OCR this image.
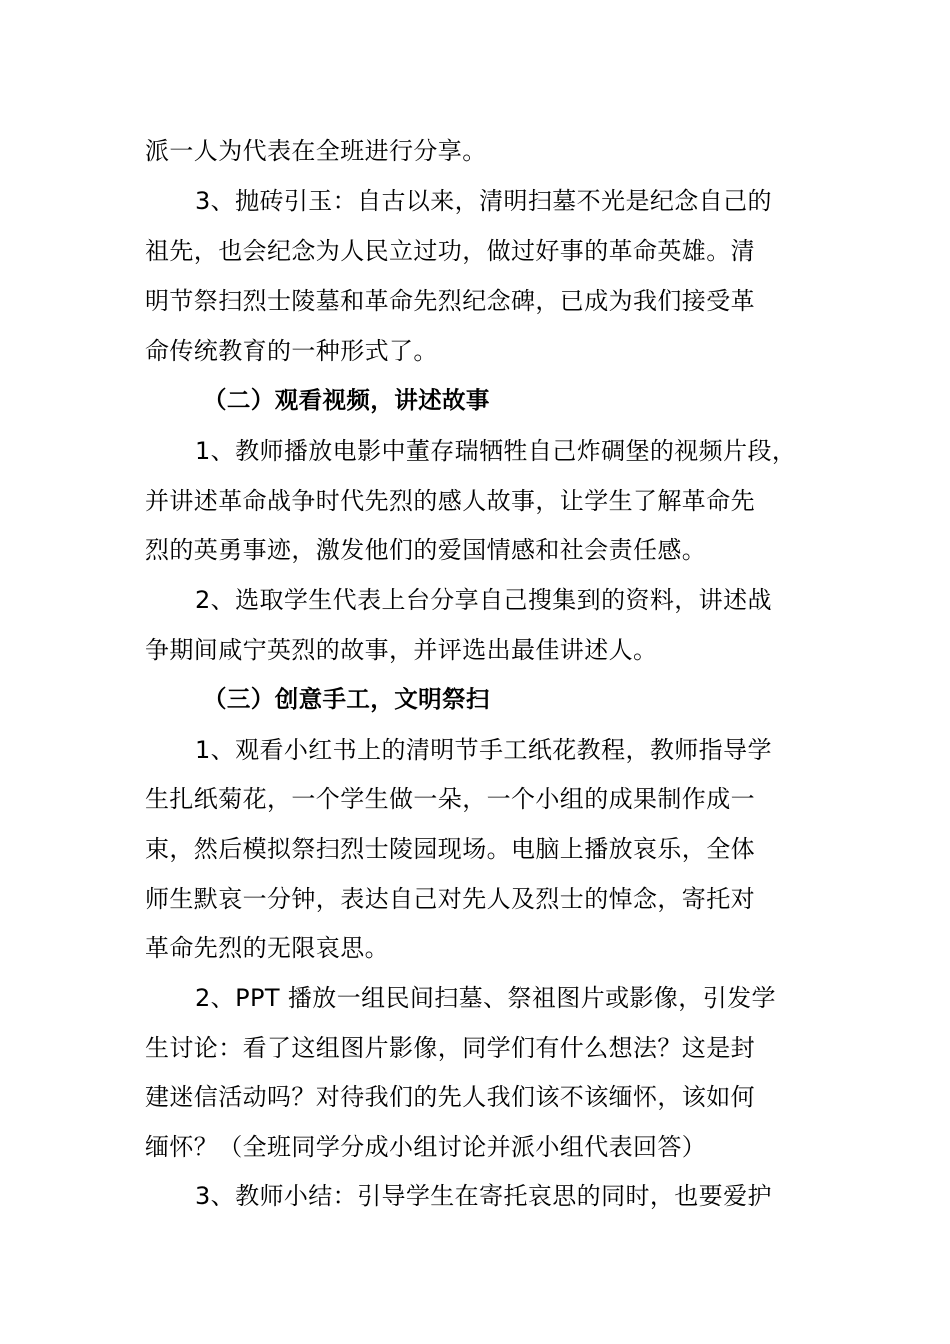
派一人为代表在全班进行分享。
3、抛砖引玉：自古以来，清明扫墓不光是纪念自己的
祖先，也会纪念为人民立过功，做过好事的革命英雄。清
明节祭扫烈士陵墓和革命先烈纪念碑，已成为我们接受革
命传统教育的一种形式了。
（二）观看视频，讲述故事
1、教师播放电影中董存瑞牺牲自己炸碉堡的视频片段，
并讲述革命战争时代先烈的感人故事，让学生了解革命先
烈的英勇事迹，激发他们的爱国情感和社会责任感。
2、选取学生代表上台分享自己搜集到的资料，讲述战
争期间咸宁英烈的故事，并评选出最佳讲述人。
（三）创意手工，文明祭扫
1、观看小红书上的清明节手工纸花教程，教师指导学
生扎纸菊花，一个学生做一朵，一个小组的成果制作成一
束，然后模拟祭扫烈士陵园现场。电脑上播放哀乐，全体
师生默哀一分钟，表达自己对先人及烈士的悼念，寄托对
革命先烈的无限哀思。
2、PPT 播放一组民间扫墓、祭祖图片或影像，引发学
生讨论：看了这组图片影像，同学们有什么想法？这是封
建迷信活动吗？对待我们的先人我们该不该缅怀，该如何
缅怀？（全班同学分成小组讨论并派小组代表回答）
3、教师小结：引导学生在寄托哀思的同时，也要爱护
